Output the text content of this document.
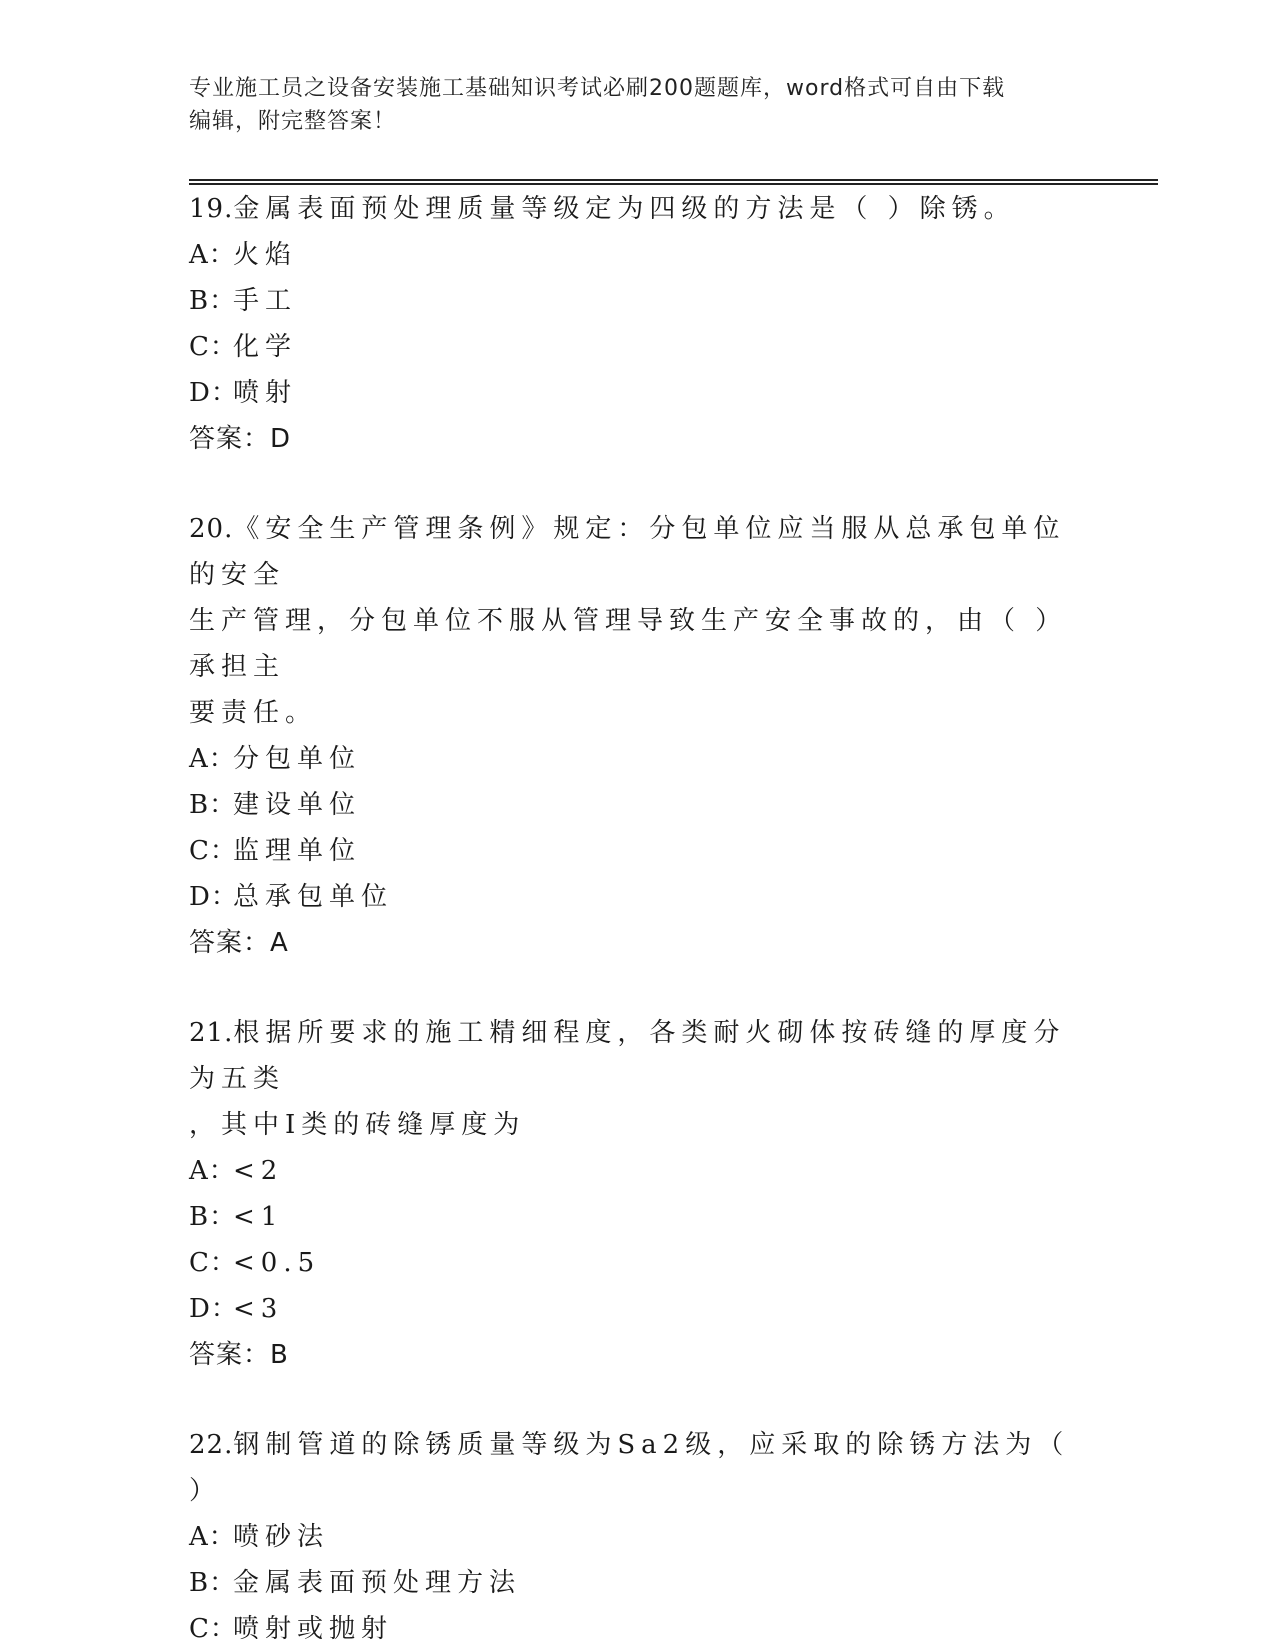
专业施工员之设备安装施工基础知识考试必刷200题题库，word格式可自由下载
编辑，附完整答案！
19.金属表面预处理质量等级定为四级的方法是（ ）除锈。
A：
火焰
B：
手工
C：
化学
D：
喷射
答案：D
20.《安全生产管理条例》规定：分包单位应当服从总承包单位的安全
生产管理，分包单位不服从管理导致生产安全事故的，由（ ）承担主
要责任。
A：
分包单位
B：
建设单位
C：
监理单位
D：
总承包单位
答案：A
21.根据所要求的施工精细程度，各类耐火砌体按砖缝的厚度分为五类
，其中Ⅰ类的砖缝厚度为
A：
<2
B：
<1
C：
<0.5
D：
<3
答案：B
22.钢制管道的除锈质量等级为Sa2级，应采取的除锈方法为（ ）
A：
喷砂法
B：
金属表面预处理方法
C：
喷射或抛射
